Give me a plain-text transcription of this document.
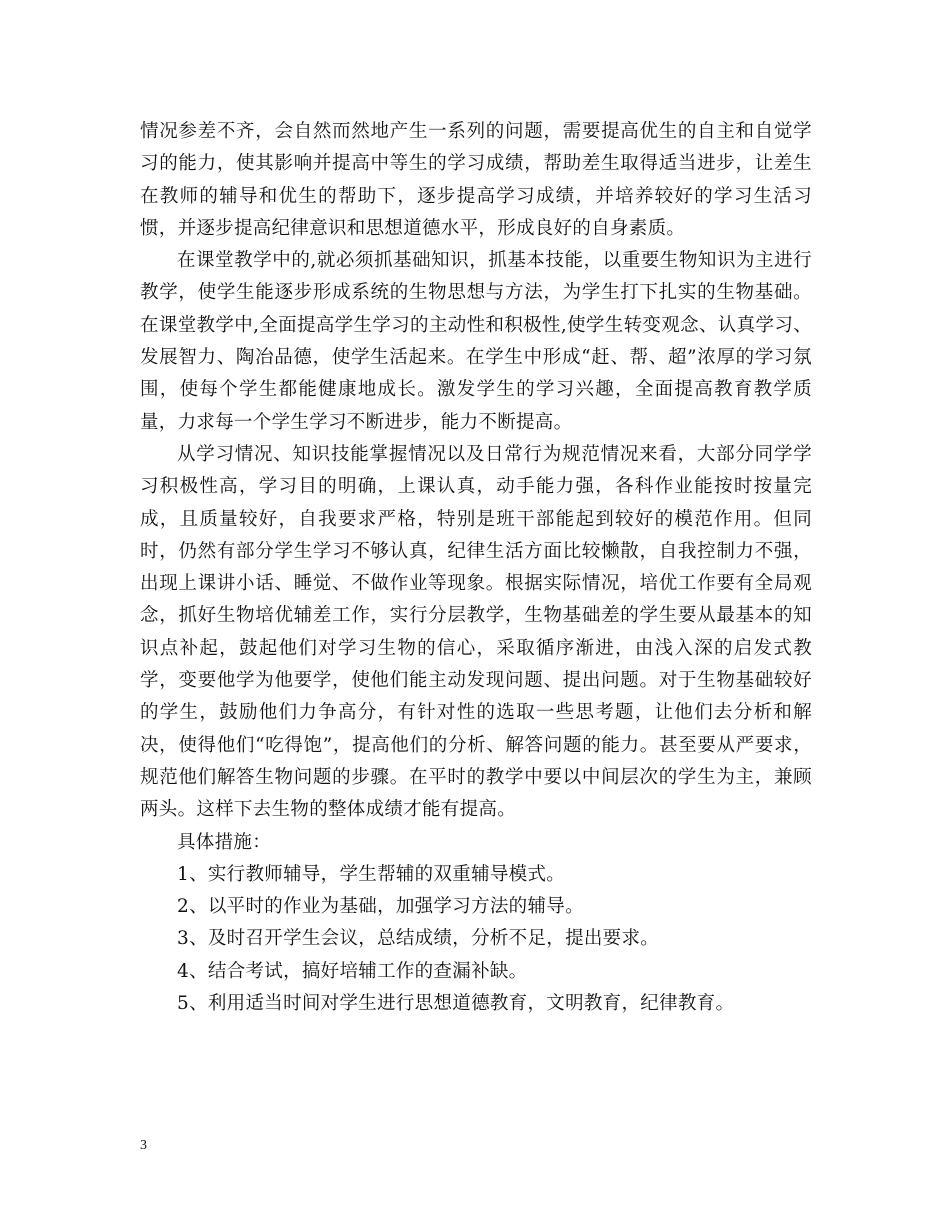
情况参差不齐，会自然而然地产生一系列的问题，需要提高优生的自主和自觉学习的能力，使其影响并提高中等生的学习成绩，帮助差生取得适当进步，让差生在教师的辅导和优生的帮助下，逐步提高学习成绩，并培养较好的学习生活习惯，并逐步提高纪律意识和思想道德水平，形成良好的自身素质。

在课堂教学中的,就必须抓基础知识，抓基本技能，以重要生物知识为主进行教学，使学生能逐步形成系统的生物思想与方法，为学生打下扎实的生物基础。在课堂教学中,全面提高学生学习的主动性和积极性,使学生转变观念、认真学习、发展智力、陶冶品德，使学生活起来。在学生中形成“赶、帮、超”浓厚的学习氛围，使每个学生都能健康地成长。激发学生的学习兴趣，全面提高教育教学质量，力求每一个学生学习不断进步，能力不断提高。

从学习情况、知识技能掌握情况以及日常行为规范情况来看，大部分同学学习积极性高，学习目的明确，上课认真，动手能力强，各科作业能按时按量完成，且质量较好，自我要求严格，特别是班干部能起到较好的模范作用。但同时，仍然有部分学生学习不够认真，纪律生活方面比较懒散，自我控制力不强，出现上课讲小话、睡觉、不做作业等现象。根据实际情况，培优工作要有全局观念，抓好生物培优辅差工作，实行分层教学，生物基础差的学生要从最基本的知识点补起，鼓起他们对学习生物的信心，采取循序渐进，由浅入深的启发式教学，变要他学为他要学，使他们能主动发现问题、提出问题。对于生物基础较好的学生，鼓励他们力争高分，有针对性的选取一些思考题，让他们去分析和解决，使得他们“吃得饱”，提高他们的分析、解答问题的能力。甚至要从严要求，规范他们解答生物问题的步骤。在平时的教学中要以中间层次的学生为主，兼顾两头。这样下去生物的整体成绩才能有提高。

具体措施：

1、实行教师辅导，学生帮辅的双重辅导模式。

2、以平时的作业为基础，加强学习方法的辅导。

3、及时召开学生会议，总结成绩，分析不足，提出要求。

4、结合考试，搞好培辅工作的查漏补缺。

5、利用适当时间对学生进行思想道德教育，文明教育，纪律教育。

3
